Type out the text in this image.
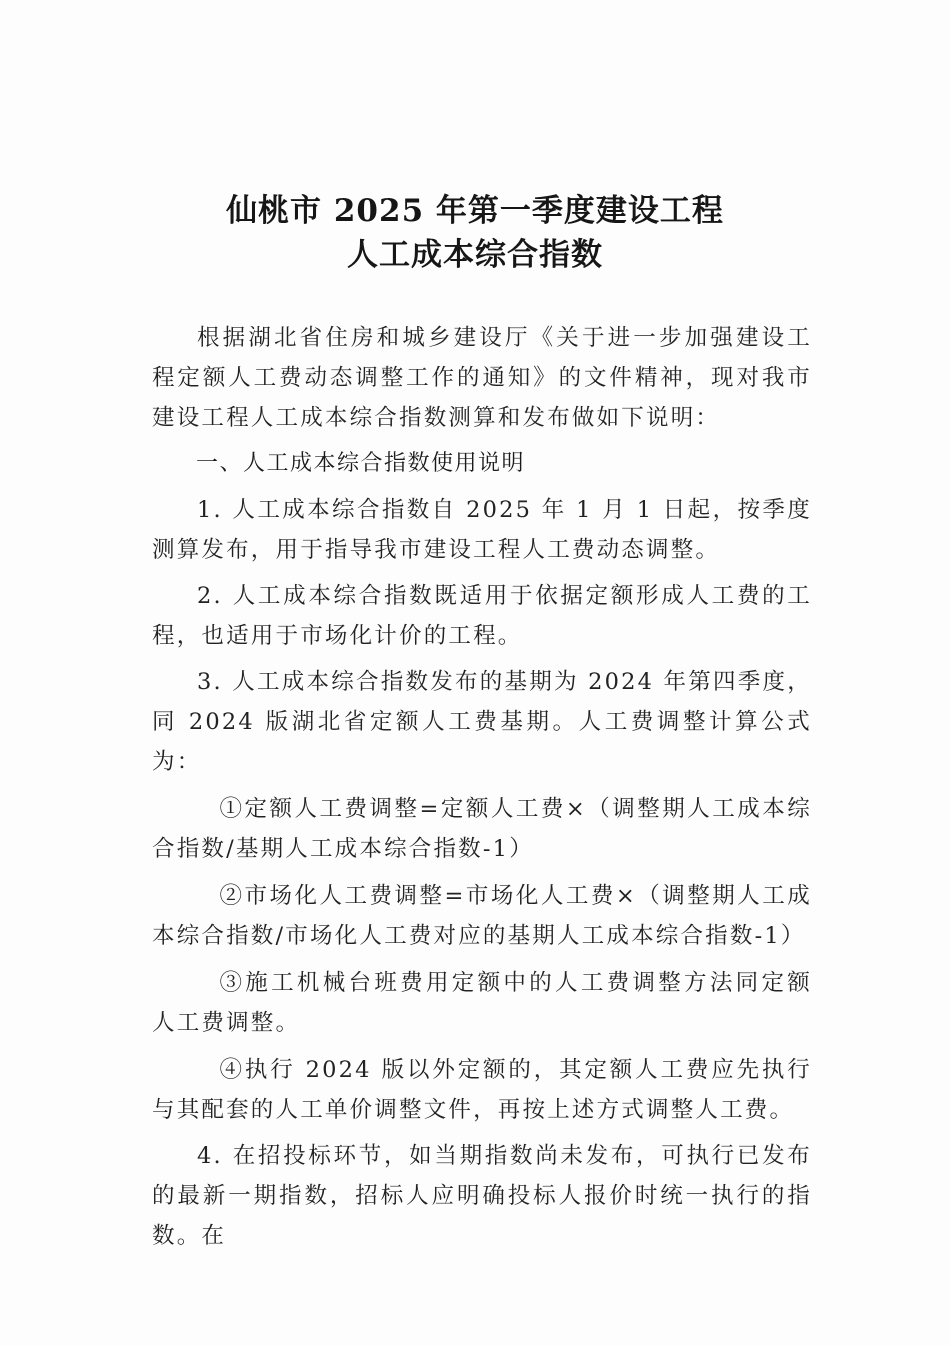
仙桃市 2025 年第一季度建设工程
人工成本综合指数

根据湖北省住房和城乡建设厅《关于进一步加强建设工程定额人工费动态调整工作的通知》的文件精神，现对我市建设工程人工成本综合指数测算和发布做如下说明：

一、人工成本综合指数使用说明

1. 人工成本综合指数自 2025 年 1 月 1 日起，按季度测算发布，用于指导我市建设工程人工费动态调整。

2. 人工成本综合指数既适用于依据定额形成人工费的工程，也适用于市场化计价的工程。

3. 人工成本综合指数发布的基期为 2024 年第四季度，同 2024 版湖北省定额人工费基期。人工费调整计算公式为：

①定额人工费调整=定额人工费×（调整期人工成本综合指数/基期人工成本综合指数-1）

②市场化人工费调整=市场化人工费×（调整期人工成本综合指数/市场化人工费对应的基期人工成本综合指数-1）

③施工机械台班费用定额中的人工费调整方法同定额人工费调整。

④执行 2024 版以外定额的，其定额人工费应先执行与其配套的人工单价调整文件，再按上述方式调整人工费。

4. 在招投标环节，如当期指数尚未发布，可执行已发布的最新一期指数，招标人应明确投标人报价时统一执行的指数。在
